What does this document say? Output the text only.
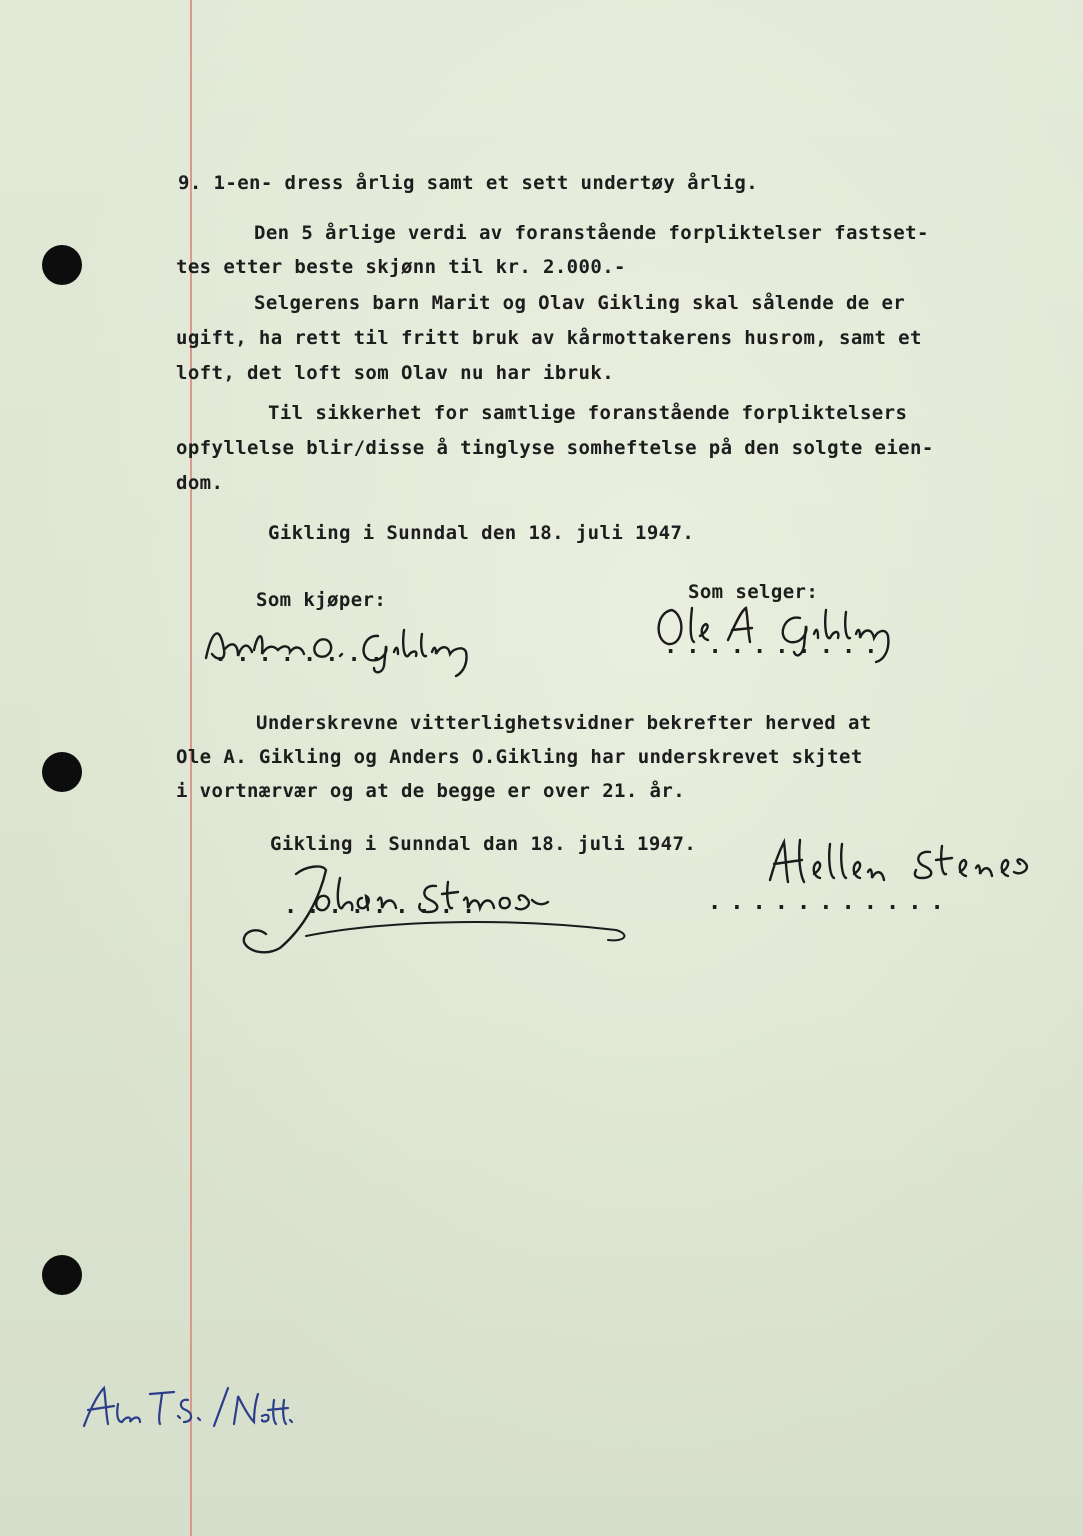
9. 1-en- dress årlig samt et sett undertøy årlig.
Den 5 årlige verdi av foranstående forpliktelser fastset-
tes etter beste skjønn til kr. 2.000.-
Selgerens barn Marit og Olav Gikling skal sålende de er
ugift, ha rett til fritt bruk av kårmottakerens husrom, samt et
loft, det loft som Olav nu har ibruk.
Til sikkerhet for samtlige foranstående forpliktelsers
opfyllelse blir/disse å tinglyse somheftelse på den solgte eien-
dom.
Gikling i Sunndal den 18. juli 1947.
Som kjøper:	Som selger:
........	..........
Underskrevne vitterlighetsvidner bekrefter herved at
Ole A. Gikling og Anders O.Gikling har underskrevet skjtet
i vortnærvær og at de begge er over 21. år.
Gikling i Sunndal dan 18. juli 1947.
.........	...........
